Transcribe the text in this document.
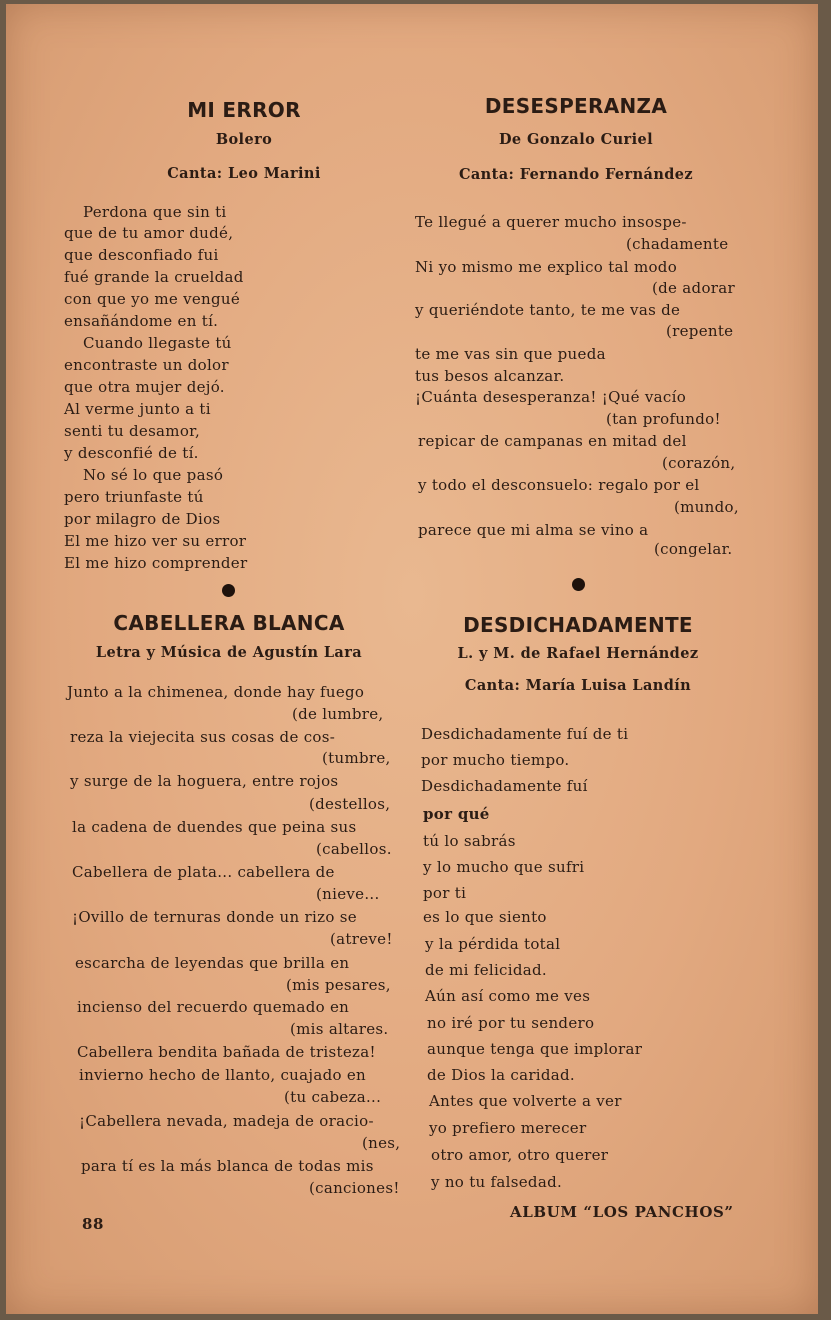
MI ERROR
Bolero
Canta: Leo Marini
Perdona que sin ti
que de tu amor dudé,
que desconfiado fui
fué grande la crueldad
con que yo me vengué
ensañándome en tí.
Cuando llegaste tú
encontraste un dolor
que otra mujer dejó.
Al verme junto a ti
senti tu desamor,
y desconfié de tí.
No sé lo que pasó
pero triunfaste tú
por milagro de Dios
El me hizo ver su error
El me hizo comprender
DESESPERANZA
De Gonzalo Curiel
Canta: Fernando Fernández
Te llegué a querer mucho insospe-
(chadamente
Ni yo mismo me explico tal modo
(de adorar
y queriéndote tanto, te me vas de
(repente
te me vas sin que pueda
tus besos alcanzar.
¡Cuánta desesperanza! ¡Qué vacío
(tan profundo!
repicar de campanas en mitad del
(corazón,
y todo el desconsuelo: regalo por el
(mundo,
parece que mi alma se vino a
(congelar.
CABELLERA BLANCA
Letra y Música de Agustín Lara
Junto a la chimenea, donde hay fuego
(de lumbre,
reza la viejecita sus cosas de cos-
(tumbre,
y surge de la hoguera, entre rojos
(destellos,
la cadena de duendes que peina sus
(cabellos.
Cabellera de plata... cabellera de
(nieve...
¡Ovillo de ternuras donde un rizo se
(atreve!
escarcha de leyendas que brilla en
(mis pesares,
incienso del recuerdo quemado en
(mis altares.
Cabellera bendita bañada de tristeza!
invierno hecho de llanto, cuajado en
(tu cabeza...
¡Cabellera nevada, madeja de oracio-
(nes,
para tí es la más blanca de todas mis
(canciones!
DESDICHADAMENTE
L. y M. de Rafael Hernández
Canta: María Luisa Landín
Desdichadamente fuí de ti
por mucho tiempo.
Desdichadamente fuí
por qué
tú lo sabrás
y lo mucho que sufri
por ti
es lo que siento
y la pérdida total
de mi felicidad.
Aún así como me ves
no iré por tu sendero
aunque tenga que implorar
de Dios la caridad.
Antes que volverte a ver
yo prefiero merecer
otro amor, otro querer
y no tu falsedad.
88
ALBUM “LOS PANCHOS”
